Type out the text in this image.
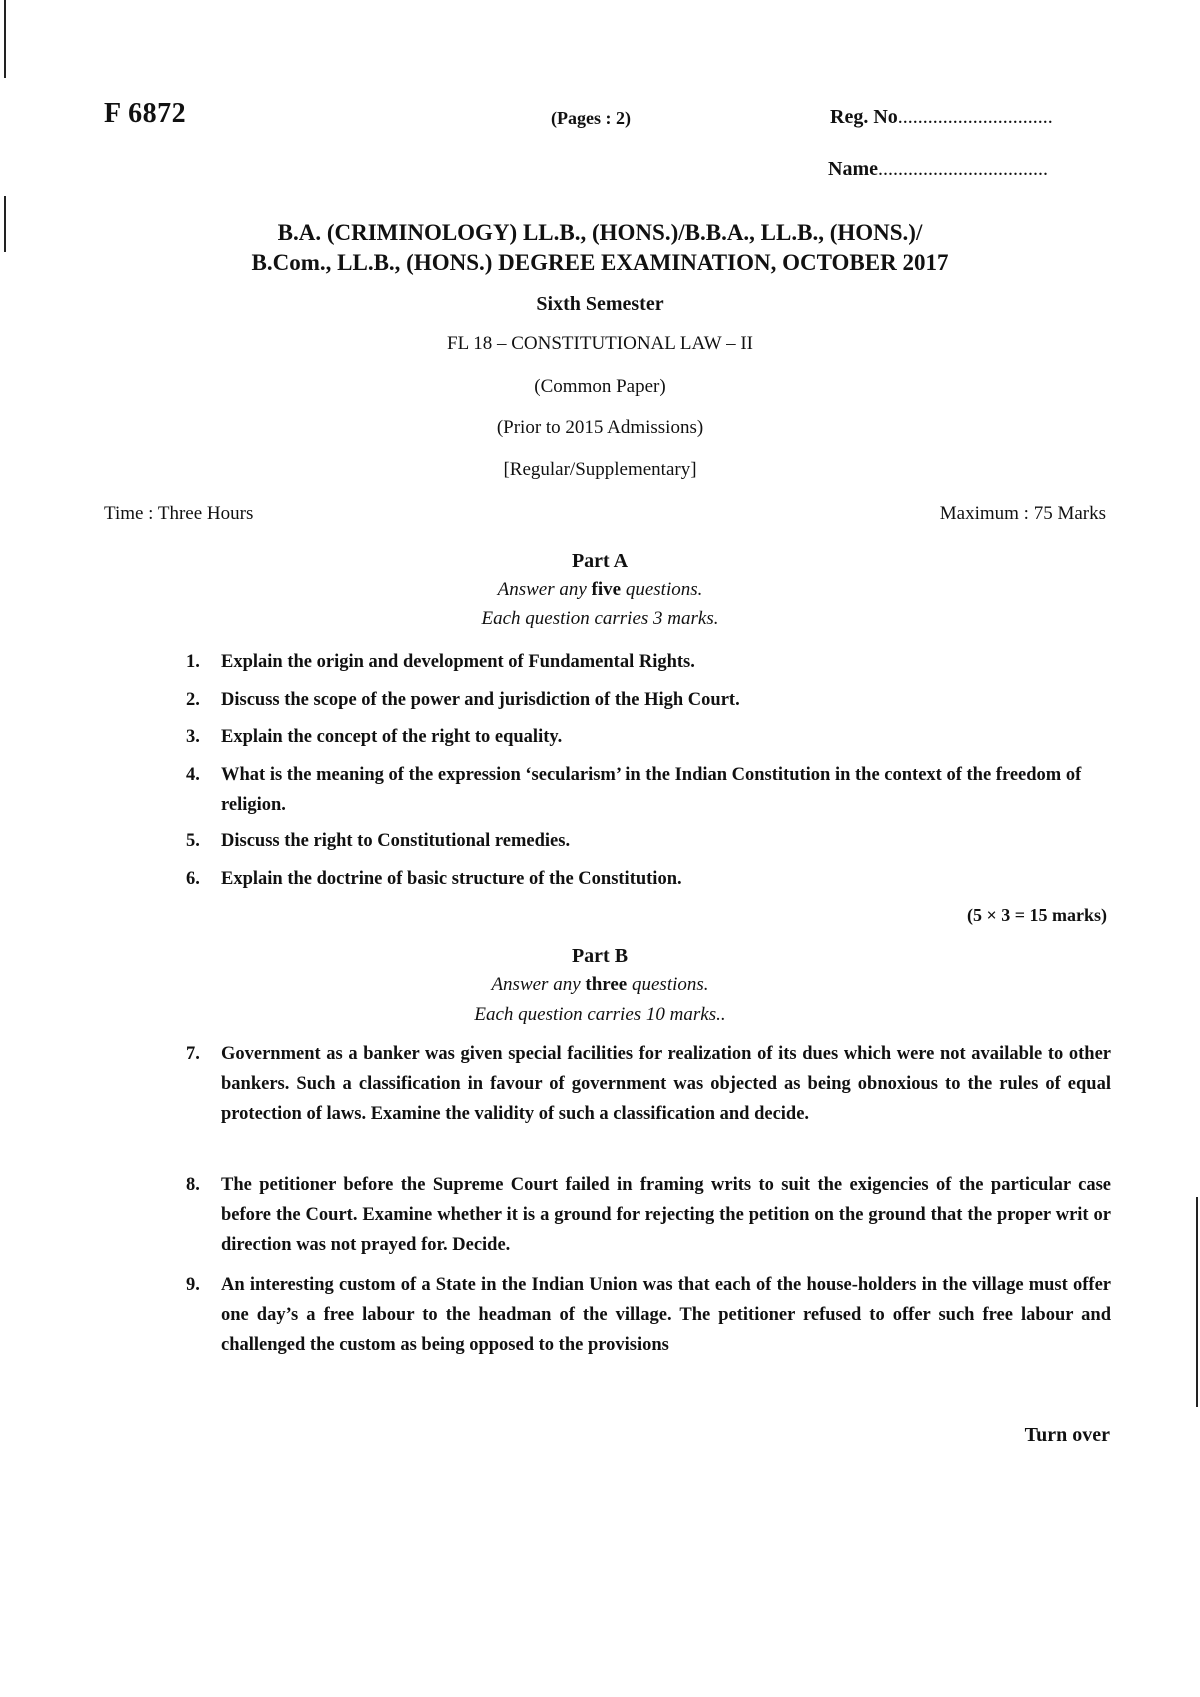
F 6872	(Pages : 2)	Reg. No...............................
Name..................................
B.A. (CRIMINOLOGY) LL.B., (HONS.)/B.B.A., LL.B., (HONS.)/
B.Com., LL.B., (HONS.) DEGREE EXAMINATION, OCTOBER 2017
Sixth Semester
FL 18 – CONSTITUTIONAL LAW – II
(Common Paper)
(Prior to 2015 Admissions)
[Regular/Supplementary]
Time : Three Hours	Maximum : 75 Marks
Part A
Answer any five questions.
Each question carries 3 marks.
1.	Explain the origin and development of Fundamental Rights.
2.	Discuss the scope of the power and jurisdiction of the High Court.
3.	Explain the concept of the right to equality.
4.	What is the meaning of the expression ‘secularism’ in the Indian Constitution in the context of the freedom of religion.
5.	Discuss the right to Constitutional remedies.
6.	Explain the doctrine of basic structure of the Constitution.
(5 × 3 = 15 marks)
Part B
Answer any three questions.
Each question carries 10 marks..
7.	Government as a banker was given special facilities for realization of its dues which were not available to other bankers. Such a classification in favour of government was objected as being obnoxious to the rules of equal protection of laws. Examine the validity of such a classification and decide.
8.	The petitioner before the Supreme Court failed in framing writs to suit the exigencies of the particular case before the Court. Examine whether it is a ground for rejecting the petition on the ground that the proper writ or direction was not prayed for. Decide.
9.	An interesting custom of a State in the Indian Union was that each of the house-holders in the village must offer one day’s a free labour to the headman of the village. The petitioner refused to offer such free labour and challenged the custom as being opposed to the provisions
Turn over
